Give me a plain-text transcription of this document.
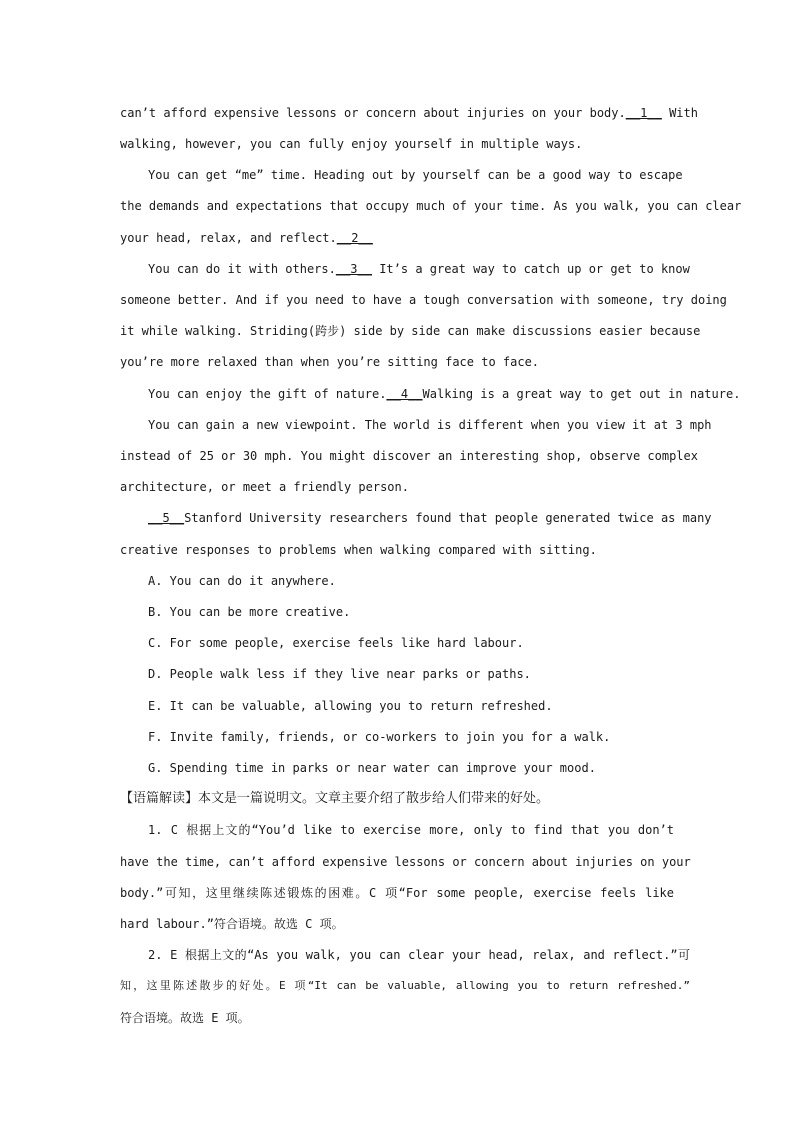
can’t afford expensive lessons or concern about injuries on your body.__1__ With
walking, however, you can fully enjoy yourself in multiple ways.
You can get “me” time. Heading out by yourself can be a good way to escape
the demands and expectations that occupy much of your time. As you walk, you can clear
your head, relax, and reflect.__2__
You can do it with others.__3__ It’s a great way to catch up or get to know
someone better. And if you need to have a tough conversation with someone, try doing
it while walking. Striding(跨步) side by side can make discussions easier because
you’re more relaxed than when you’re sitting face to face.
You can enjoy the gift of nature.__4__Walking is a great way to get out in nature.
You can gain a new viewpoint. The world is different when you view it at 3 mph
instead of 25 or 30 mph. You might discover an interesting shop, observe complex
architecture, or meet a friendly person.
__5__Stanford University researchers found that people generated twice as many
creative responses to problems when walking compared with sitting.
A. You can do it anywhere.
B. You can be more creative.
C. For some people, exercise feels like hard labour.
D. People walk less if they live near parks or paths.
E. It can be valuable, allowing you to return refreshed.
F. Invite family, friends, or co-workers to join you for a walk.
G. Spending time in parks or near water can improve your mood.
【语篇解读】本文是一篇说明文。文章主要介绍了散步给人们带来的好处。
1. C 根据上文的“You’d like to exercise more, only to find that you don’t
have the time, can’t afford expensive lessons or concern about injuries on your
body.”可知，这里继续陈述锻炼的困难。C 项“For some people, exercise feels like
hard labour.”符合语境。故选 C 项。
2. E 根据上文的“As you walk, you can clear your head, relax, and reflect.”可
知，这里陈述散步的好处。E 项“It can be valuable, allowing you to return refreshed.”
符合语境。故选 E 项。
